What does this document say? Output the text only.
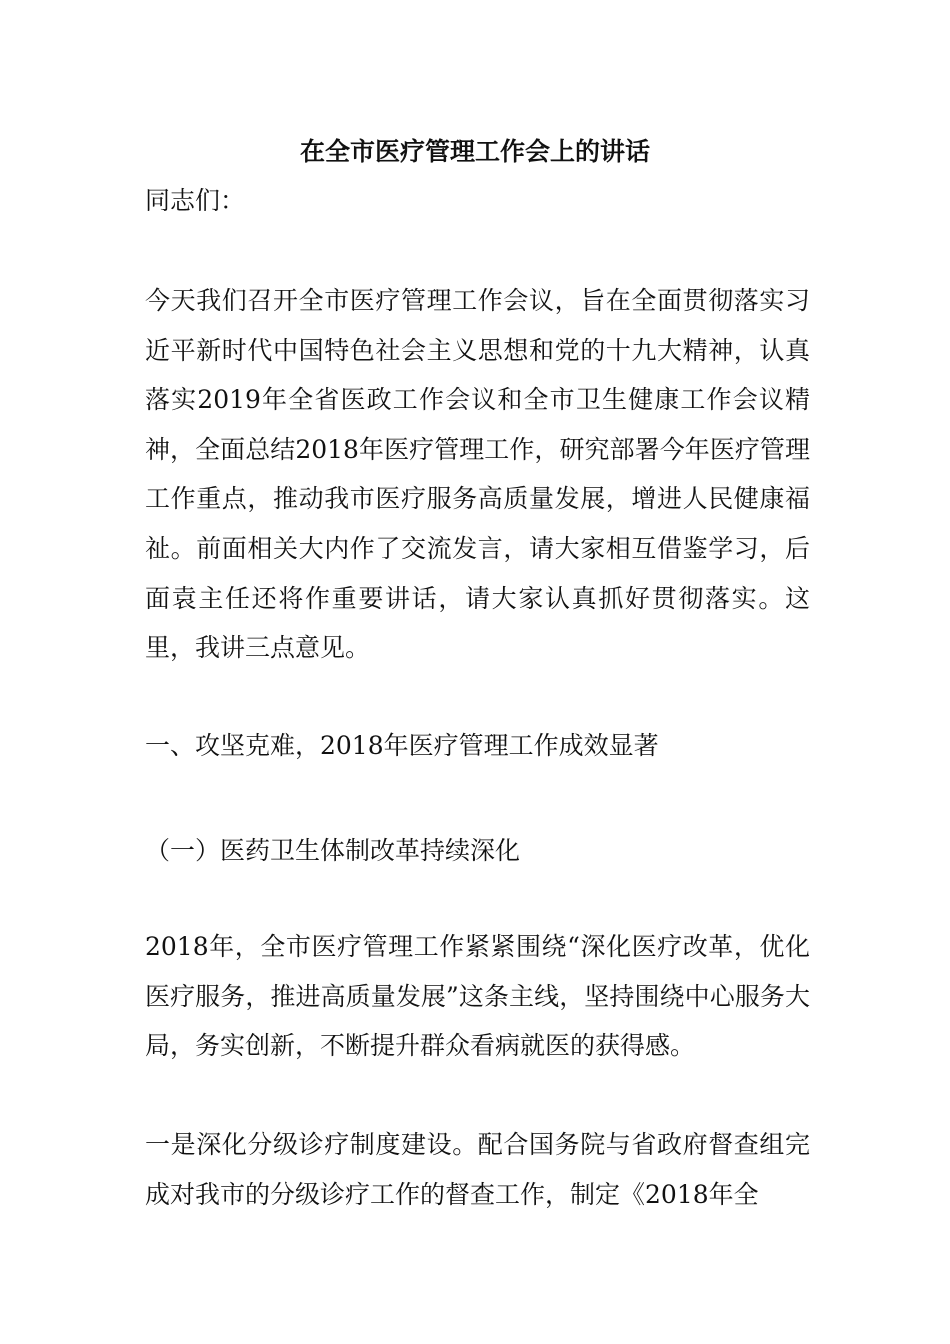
在全市医疗管理工作会上的讲话

同志们：

今天我们召开全市医疗管理工作会议，旨在全面贯彻落实习近平新时代中国特色社会主义思想和党的十九大精神，认真落实2019年全省医政工作会议和全市卫生健康工作会议精神，全面总结2018年医疗管理工作，研究部署今年医疗管理工作重点，推动我市医疗服务高质量发展，增进人民健康福祉。前面相关大内作了交流发言，请大家相互借鉴学习，后面袁主任还将作重要讲话，请大家认真抓好贯彻落实。这里，我讲三点意见。

一、攻坚克难，2018年医疗管理工作成效显著

（一）医药卫生体制改革持续深化

2018年，全市医疗管理工作紧紧围绕“深化医疗改革，优化医疗服务，推进高质量发展”这条主线，坚持围绕中心服务大局，务实创新，不断提升群众看病就医的获得感。

一是深化分级诊疗制度建设。配合国务院与省政府督查组完成对我市的分级诊疗工作的督查工作，制定《2018年全
